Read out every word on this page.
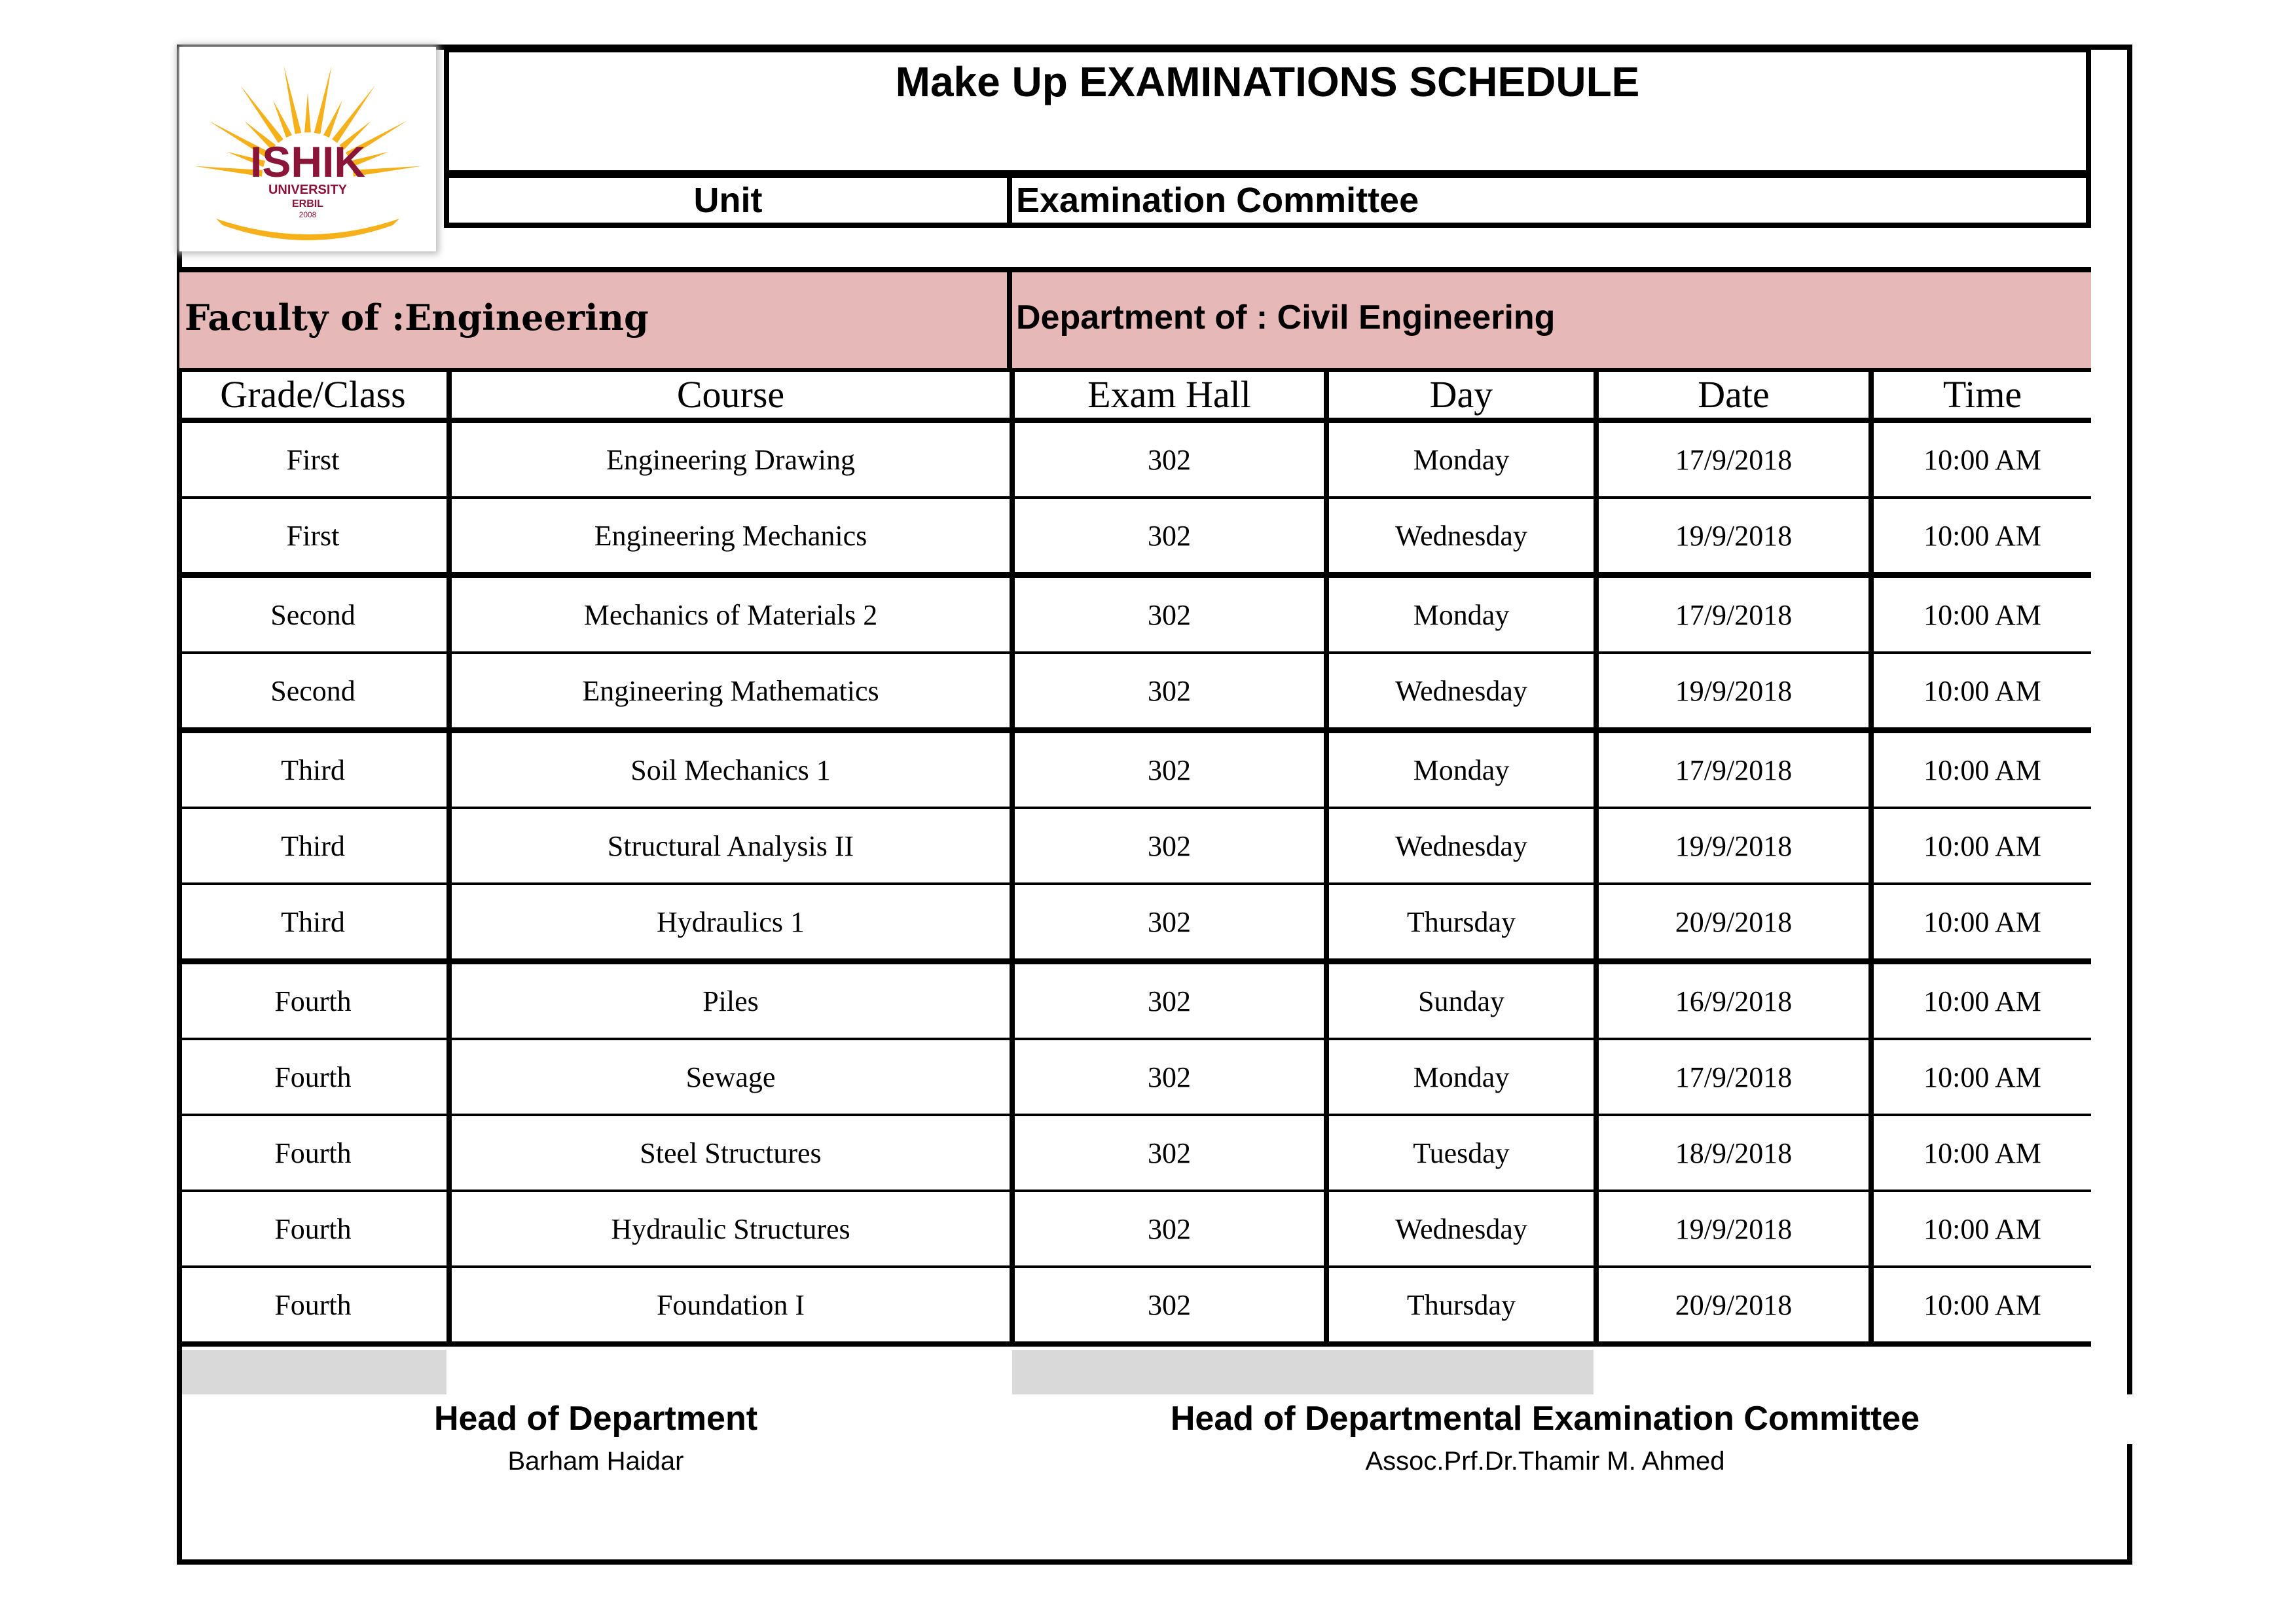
ISHIK
UNIVERSITY
ERBIL
2008
Make Up EXAMINATIONS SCHEDULE
Unit	Examination Committee
Faculty of :Engineering	Department of : Civil Engineering
Grade/Class	Course	Exam Hall	Day	Date	Time
First	Engineering Drawing	302	Monday	17/9/2018	10:00 AM
First	Engineering Mechanics	302	Wednesday	19/9/2018	10:00 AM
Second	Mechanics of Materials 2	302	Monday	17/9/2018	10:00 AM
Second	Engineering Mathematics	302	Wednesday	19/9/2018	10:00 AM
Third	Soil Mechanics 1	302	Monday	17/9/2018	10:00 AM
Third	Structural Analysis II	302	Wednesday	19/9/2018	10:00 AM
Third	Hydraulics 1	302	Thursday	20/9/2018	10:00 AM
Fourth	Piles	302	Sunday	16/9/2018	10:00 AM
Fourth	Sewage	302	Monday	17/9/2018	10:00 AM
Fourth	Steel Structures	302	Tuesday	18/9/2018	10:00 AM
Fourth	Hydraulic Structures	302	Wednesday	19/9/2018	10:00 AM
Fourth	Foundation I	302	Thursday	20/9/2018	10:00 AM
Head of Department
Barham Haidar
Head of Departmental Examination Committee
Assoc.Prf.Dr.Thamir M. Ahmed
